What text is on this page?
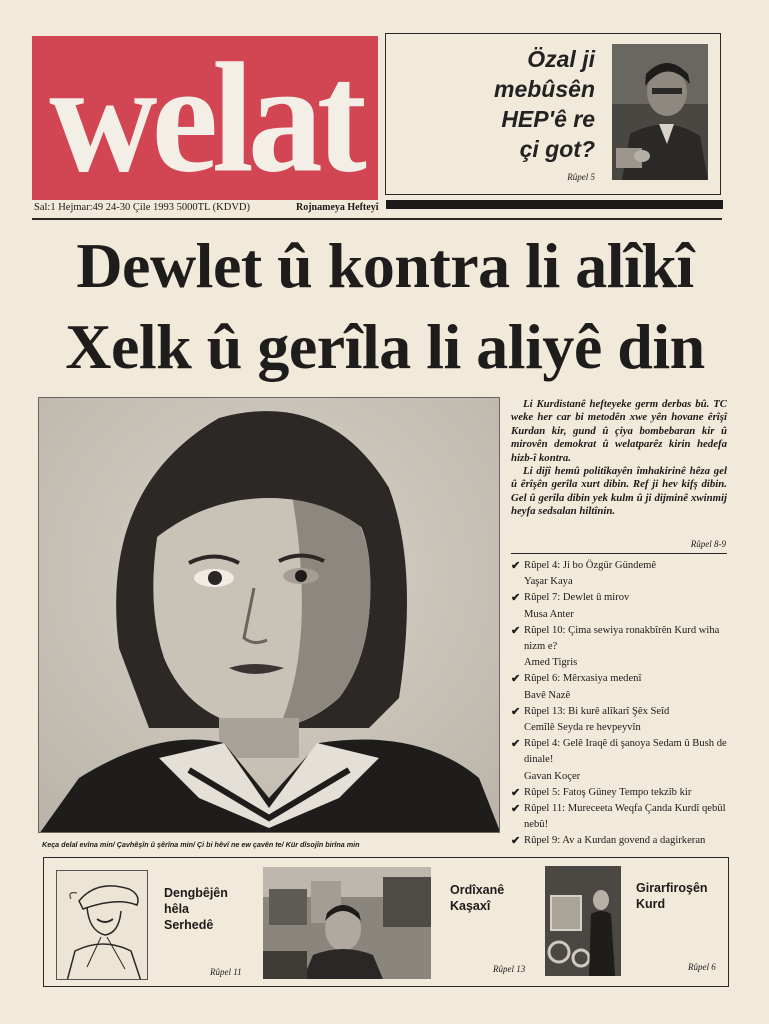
welat	Özal ji
mebûsên
HEP'ê re
çi got?
Rûpel 5
Sal:1 Hejmar:49 24-30 Çile 1993 5000TL (KDVD)	Rojnameya Hefteyî
Dewlet û kontra li alîkî
Xelk û gerîla li aliyê din
Keça delal evîna min/ Çavhêşîn û şêrîna min/ Çi bi hêvî ne ew çavên te/ Kür dîsojîn birîna min

Li Kurdistanê hefteyeke germ derbas bû. TC weke her car bi metodên xwe yên hovane êrîşî Kurdan kir, gund û çiya bombebaran kir û mirovên demokrat û welatparêz kirin hedefa hizb-î kontra.

Li dijî hemû politîkayên îmhakirinê hêza gel û êrîşên gerîla xurt dibin. Ref ji hev kifş dibin. Gel û gerîla dibin yek kulm û ji dijminê xwinmij heyfa sedsalan hiltînin.

Rûpel 8-9
✔ Rûpel 4: Ji bo Özgür Gündemê
Yaşar Kaya
✔ Rûpel 7: Dewlet û mirov
Musa Anter
✔ Rûpel 10: Çima sewiya ronakbîrên Kurd wiha nizm e?
Amed Tigris
✔ Rûpel 6: Mêrxasiya medenî
Bavê Nazê
✔ Rûpel 13: Bi kurê alîkarî Şêx Seîd
Cemîlê Seyda re hevpeyvîn
✔ Rûpel 4: Gelê Iraqê di şanoya Sedam û Bush de dinale!
Gavan Koçer
✔ Rûpel 5: Fatoş Güney Tempo tekzîb kir
✔ Rûpel 11: Mureceeta Weqfa Çanda Kurdî qebûl nebû!
✔ Rûpel 9: Av a Kurdan govend a dagirkeran
Dengbêjên
hêla
Serhedê
Rûpel 11
Ordîxanê
Kaşaxî
Rûpel 13
Girarfiroşên
Kurd
Rûpel 6
